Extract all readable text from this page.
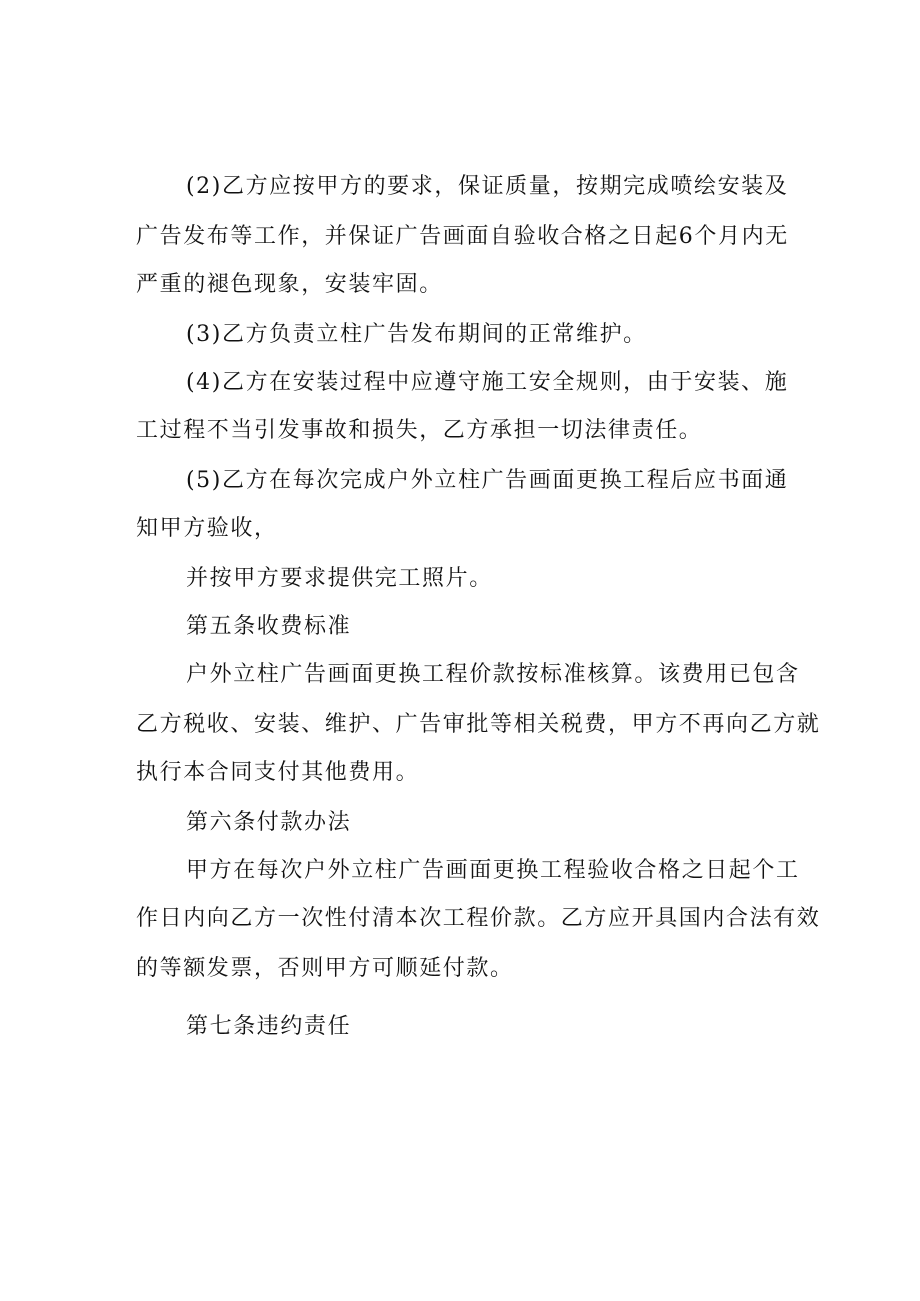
(2)乙方应按甲方的要求，保证质量，按期完成喷绘安装及
广告发布等工作，并保证广告画面自验收合格之日起6个月内无
严重的褪色现象，安装牢固。
(3)乙方负责立柱广告发布期间的正常维护。
(4)乙方在安装过程中应遵守施工安全规则，由于安装、施
工过程不当引发事故和损失，乙方承担一切法律责任。
(5)乙方在每次完成户外立柱广告画面更换工程后应书面通
知甲方验收，
并按甲方要求提供完工照片。
第五条收费标准
户外立柱广告画面更换工程价款按标准核算。该费用已包含
乙方税收、安装、维护、广告审批等相关税费，甲方不再向乙方就
执行本合同支付其他费用。
第六条付款办法
甲方在每次户外立柱广告画面更换工程验收合格之日起个工
作日内向乙方一次性付清本次工程价款。乙方应开具国内合法有效
的等额发票，否则甲方可顺延付款。
第七条违约责任
